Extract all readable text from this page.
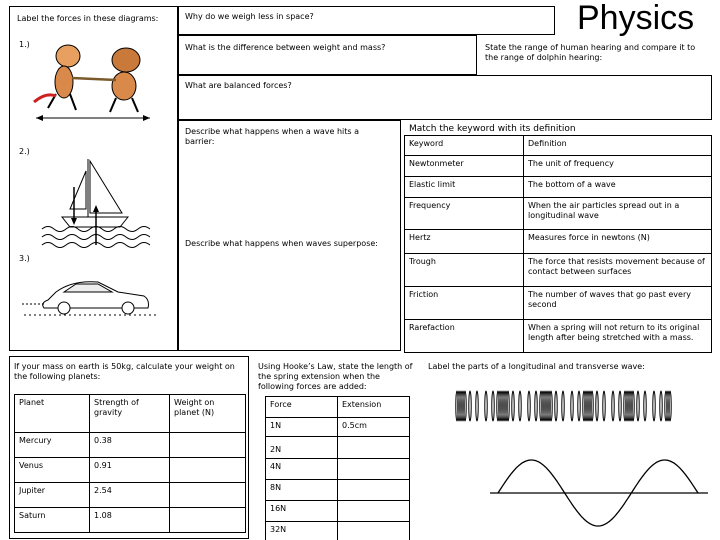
Label the forces in these diagrams:
1.)
2.)
3.)
Why do we weigh less in space?	Physics
What is the difference between weight and mass?	State the range of human hearing and compare it to the range of dolphin hearing:
What are balanced forces?
Describe what happens when a wave hits a barrier:
Describe what happens when waves superpose:
Match the keyword with its definition
Keyword	Definition
Newtonmeter	The unit of frequency
Elastic limit	The bottom of a wave
Frequency	When the air particles spread out in a longitudinal wave
Hertz	Measures force in newtons (N)
Trough	The force that resists movement because of contact between surfaces
Friction	The number of waves that go past every second
Rarefaction	When a spring will not return to its original length after being stretched with a mass.
If your mass on earth is 50kg, calculate your weight on the following planets:
Planet	Strength of gravity	Weight on planet (N)
Mercury	0.38	
Venus	0.91	
Jupiter	2.54	
Saturn	1.08	
Using Hooke’s Law, state the length of the spring extension when the following forces are added:
Force	Extension
1N	0.5cm
2N	
4N	
8N	
16N	
32N	
Label the parts of a longitudinal and transverse wave:
